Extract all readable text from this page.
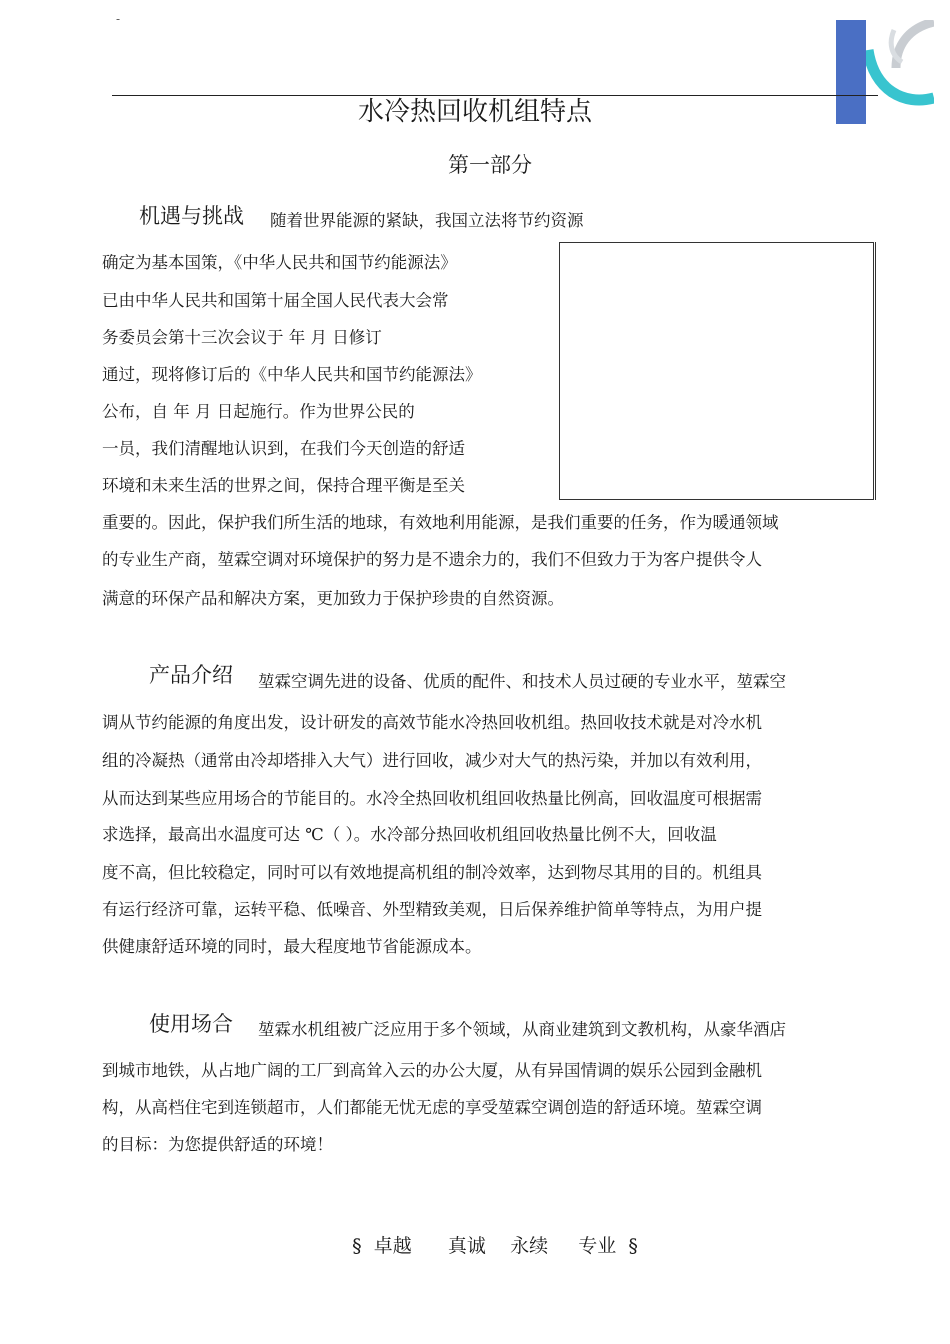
-
水冷热回收机组特点
第一部分
机遇与挑战 随着世界能源的紧缺，我国立法将节约资源
确定为基本国策，《中华人民共和国节约能源法》
已由中华人民共和国第十届全国人民代表大会常
务委员会第十三次会议于 年 月 日修订
通过，现将修订后的《中华人民共和国节约能源法》
公布，自 年 月 日起施行。作为世界公民的
一员，我们清醒地认识到，在我们今天创造的舒适
环境和未来生活的世界之间，保持合理平衡是至关
重要的。因此，保护我们所生活的地球，有效地利用能源，是我们重要的任务，作为暖通领域
的专业生产商，堃霖空调对环境保护的努力是不遗余力的，我们不但致力于为客户提供令人
满意的环保产品和解决方案，更加致力于保护珍贵的自然资源。
产品介绍 堃霖空调先进的设备、优质的配件、和技术人员过硬的专业水平，堃霖空
调从节约能源的角度出发，设计研发的高效节能水冷热回收机组。热回收技术就是对冷水机
组的冷凝热（通常由冷却塔排入大气）进行回收，减少对大气的热污染，并加以有效利用，
从而达到某些应用场合的节能目的。水冷全热回收机组回收热量比例高，回收温度可根据需
求选择，最高出水温度可达 ℃（ ）。水冷部分热回收机组回收热量比例不大，回收温
度不高，但比较稳定，同时可以有效地提高机组的制冷效率，达到物尽其用的目的。机组具
有运行经济可靠，运转平稳、低噪音、外型精致美观，日后保养维护简单等特点，为用户提
供健康舒适环境的同时，最大程度地节省能源成本。
使用场合 堃霖水机组被广泛应用于多个领域，从商业建筑到文教机构，从豪华酒店
到城市地铁，从占地广阔的工厂到高耸入云的办公大厦，从有异国情调的娱乐公园到金融机
构，从高档住宅到连锁超市，人们都能无忧无虑的享受堃霖空调创造的舒适环境。堃霖空调
的目标：为您提供舒适的环境！
§  卓越      真诚    永续     专业  §
